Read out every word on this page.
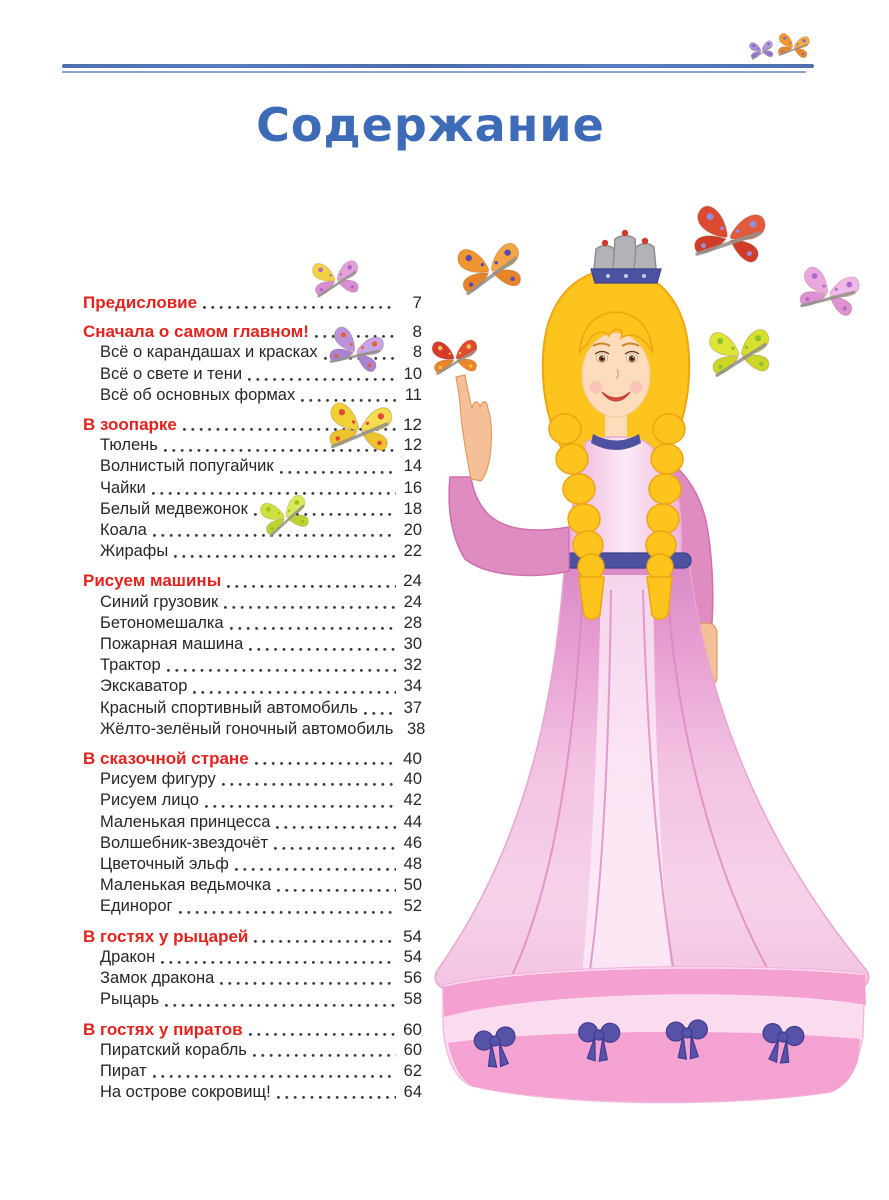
Содержание
Предисловие	7
Сначала о самом главном!	8
Всё о карандашах и красках	8
Всё о свете и тени	10
Всё об основных формах	11
В зоопарке	12
Тюлень	12
Волнистый попугайчик	14
Чайки	16
Белый медвежонок	18
Коала	20
Жирафы	22
Рисуем машины	24
Синий грузовик	24
Бетономешалка	28
Пожарная машина	30
Трактор	32
Экскаватор	34
Красный спортивный автомобиль	37
Жёлто-зелёный гоночный автомобиль 38
В сказочной стране	40
Рисуем фигуру	40
Рисуем лицо	42
Маленькая принцесса	44
Волшебник-звездочёт	46
Цветочный эльф	48
Маленькая ведьмочка	50
Единорог	52
В гостях у рыцарей	54
Дракон	54
Замок дракона	56
Рыцарь	58
В гостях у пиратов	60
Пиратский корабль	60
Пират	62
На острове сокровищ!	64
